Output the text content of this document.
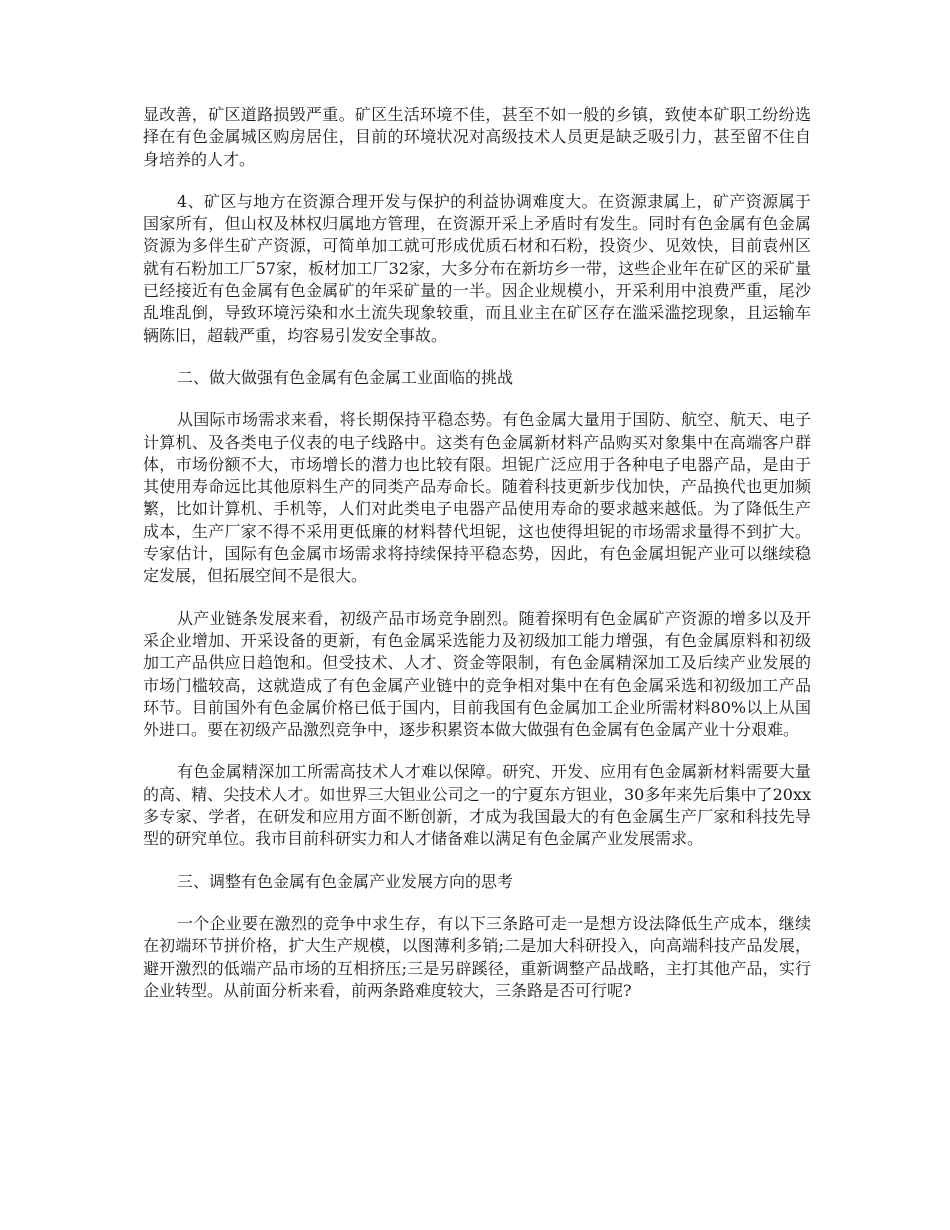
显改善，矿区道路损毁严重。矿区生活环境不佳，甚至不如一般的乡镇，致使本矿职工纷纷选择在有色金属城区购房居住，目前的环境状况对高级技术人员更是缺乏吸引力，甚至留不住自身培养的人才。

4、矿区与地方在资源合理开发与保护的利益协调难度大。在资源隶属上，矿产资源属于国家所有，但山权及林权归属地方管理，在资源开采上矛盾时有发生。同时有色金属有色金属资源为多伴生矿产资源，可简单加工就可形成优质石材和石粉，投资少、见效快，目前袁州区就有石粉加工厂57家，板材加工厂32家，大多分布在新坊乡一带，这些企业年在矿区的采矿量已经接近有色金属有色金属矿的年采矿量的一半。因企业规模小，开采利用中浪费严重，尾沙乱堆乱倒，导致环境污染和水土流失现象较重，而且业主在矿区存在滥采滥挖现象，且运输车辆陈旧，超载严重，均容易引发安全事故。

二、做大做强有色金属有色金属工业面临的挑战

从国际市场需求来看，将长期保持平稳态势。有色金属大量用于国防、航空、航天、电子计算机、及各类电子仪表的电子线路中。这类有色金属新材料产品购买对象集中在高端客户群体，市场份额不大，市场增长的潜力也比较有限。坦铌广泛应用于各种电子电器产品，是由于其使用寿命远比其他原料生产的同类产品寿命长。随着科技更新步伐加快，产品换代也更加频繁，比如计算机、手机等，人们对此类电子电器产品使用寿命的要求越来越低。为了降低生产成本，生产厂家不得不采用更低廉的材料替代坦铌，这也使得坦铌的市场需求量得不到扩大。专家估计，国际有色金属市场需求将持续保持平稳态势，因此，有色金属坦铌产业可以继续稳定发展，但拓展空间不是很大。

从产业链条发展来看，初级产品市场竞争剧烈。随着探明有色金属矿产资源的增多以及开采企业增加、开采设备的更新，有色金属采选能力及初级加工能力增强，有色金属原料和初级加工产品供应日趋饱和。但受技术、人才、资金等限制，有色金属精深加工及后续产业发展的市场门槛较高，这就造成了有色金属产业链中的竞争相对集中在有色金属采选和初级加工产品环节。目前国外有色金属价格已低于国内，目前我国有色金属加工企业所需材料80%以上从国外进口。要在初级产品激烈竞争中，逐步积累资本做大做强有色金属有色金属产业十分艰难。

有色金属精深加工所需高技术人才难以保障。研究、开发、应用有色金属新材料需要大量的高、精、尖技术人才。如世界三大钽业公司之一的宁夏东方钽业，30多年来先后集中了20xx多专家、学者，在研发和应用方面不断创新，才成为我国最大的有色金属生产厂家和科技先导型的研究单位。我市目前科研实力和人才储备难以满足有色金属产业发展需求。

三、调整有色金属有色金属产业发展方向的思考

一个企业要在激烈的竞争中求生存，有以下三条路可走一是想方设法降低生产成本，继续在初端环节拼价格，扩大生产规模，以图薄利多销;二是加大科研投入，向高端科技产品发展，避开激烈的低端产品市场的互相挤压;三是另辟蹊径，重新调整产品战略，主打其他产品，实行企业转型。从前面分析来看，前两条路难度较大，三条路是否可行呢?
